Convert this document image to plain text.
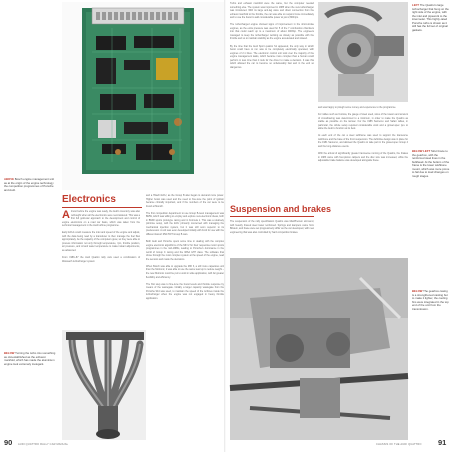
ABOVE Bosch engine management unit as at the origin of the engine technology the competition programmes of Porsche and Audi.
BELOW Turning the turbo into something as old-established as the exhaust manifold, which has made the aluminium engine look extremely inelegant.
Electronics
Almost before the engine was ready, the Audi's inventory was also rethought when all the electronics were reconsidered. This was a first full gold-star approach to the development and control of engine electronics on a road car basis, which was taken from the technical management in the Audi turbine programme.

Early ECUs could measure the inlet and speed of the engine and adjust, with the data being read by a transducer to then manage the fuel flow appropriately. As the capacity of the computers grew, so they were able to process information not only through temperature, rpm, throttle position, air pressure, and oil and water temperature to make instant adjustments, as advanced.

From 1986–87 the Audi Quattro rally cars used a combination of Weissach turbocharger system
and a Hitachi ECU, as the Group B also began to demand more power. Higher boost was used and the need to fine-tune the point of ignition became critically important, and if the numbers of the car were to be found at Munich.

The first competition department to use Group B-level management was BMW, which was willing to employ and explore new electronic ideas, both in BMW sports prototype racing and in Formula 1. This was a relatively primitive setup, with the ECU primarily concerned with managing the mechanical injection system, but it was still soon superior to its predecessor. A unit was even developed initially with Ford for use with the different Escort RS1700T Group B cars.

Both Audi and Porsche spent some time in dealing with the complex engine electronic algorithms of the MFI 2 for their respective motor sports programmes in the mid-1980s, leading to Porsche's dominance in the world of Group C racing and the IMSA GTP class. The software that drove through the most complex system at the speed of the engine, read the sensors and made the decisions.

When Bosch was able to upgrade the MFI 3, a still more capacious unit than the Motronic, it was able to use the same lead up to reduce weight  the new Motronic could be put to work in wide application, with far greater flexibility and efficiency.

The first step was to fine-tune the boost levels and throttle response by means of the wastegate. Initially a larger capacity wastegate from the Porsche 944 was used, to maintain the speed of the turbines inside the turbocharger when the engine was not engaged in heavy throttle application.
90 AUDI QUATTRO RALLY CAR MANUAL
Turbo and exhaust manifold were the same, but the computer needed something else. The system was improved in 1985 when the new turbocharger was introduced. With its large anti-lag valve and direct connection from the exhaust manifold to the throttle, the car was able to respond more immediately and to use the boost to add considerable power at just 2,800rpm.

The turbocharged engine showed signs of improvement in the short-stroke engines, as the extra pressure was used for 5 of the 7 combustion chambers into that could reach up to a maximum of about 490bhp. The engineers managed to keep the turbocharger working as closely as possible with the throttle and so to maintain stability as the engine accelerated and slowed.

By the time that the Audi Sport quattro S1 appeared, the only way in which boost could have to run was to be completely electrically operated, with engines of 2.1 litres. The electronic control unit took over the majority of the engine management tasks, which became more complex than a human could perform in less time than it took for the driver to make a decision. It was this which allowed the car to become so unbelievably fast and in the end so dangerous.
LEFT The Quattro's large turbocharger that hung on the right side of the engine, with the inlet and pipework to the intercooler. This highly-rated Porsche turbo is shown as it still has the full set of original gaskets.
and was happy to plough some money and experience to the programme.

For rallies such as Corsica, the gauge of steel used, sizes of the towers and amount of crossbracing was determined to a minimum, in order to make the Quattro as stable as possible on the tarmac. For the 1985 Sanremo and Safari rallies, in particular, the whole setup required considerable work and a gravel-spec tyre to allow the Audi to function at its best.

At each end of the car a steel subframe was used to support the transverse wishbone and the base of the front suspension. The definitive design was in place for the 1981 Sanremo, and allowed the Quattro to take part in the gravel-spec Group 4 and the long-distance events.

With the arrival of significantly greater transverse running of the Quattro, the brakes in 1983 came with four-piston calipers and the disc size was increased, while the adjustable brake balance was developed alongside these.
BELOW LEFT Strut brace to the gearbox, with the reinforced steel lines in the bulkhead. At the bottom of the frame is the lower wishbone mount, which was more prone to fail due to load changes on rough stages.
Suspension and brakes
The suspension of the rally specification Quattro was MacPherson all-round, with heavily braced steel tower reinforced. Springs and dampers came from Bilstein, and these were set progressively stiffer as the car developed, with new engineering that was also controlled by hard competition brakes.
BELOW The gearbox casing is a strengthened casting but to make it lighter, the cooling fins were integrated in the top end of the unit from the transmission.
91
CHASSIS OF THE AUDI QUATTRO
